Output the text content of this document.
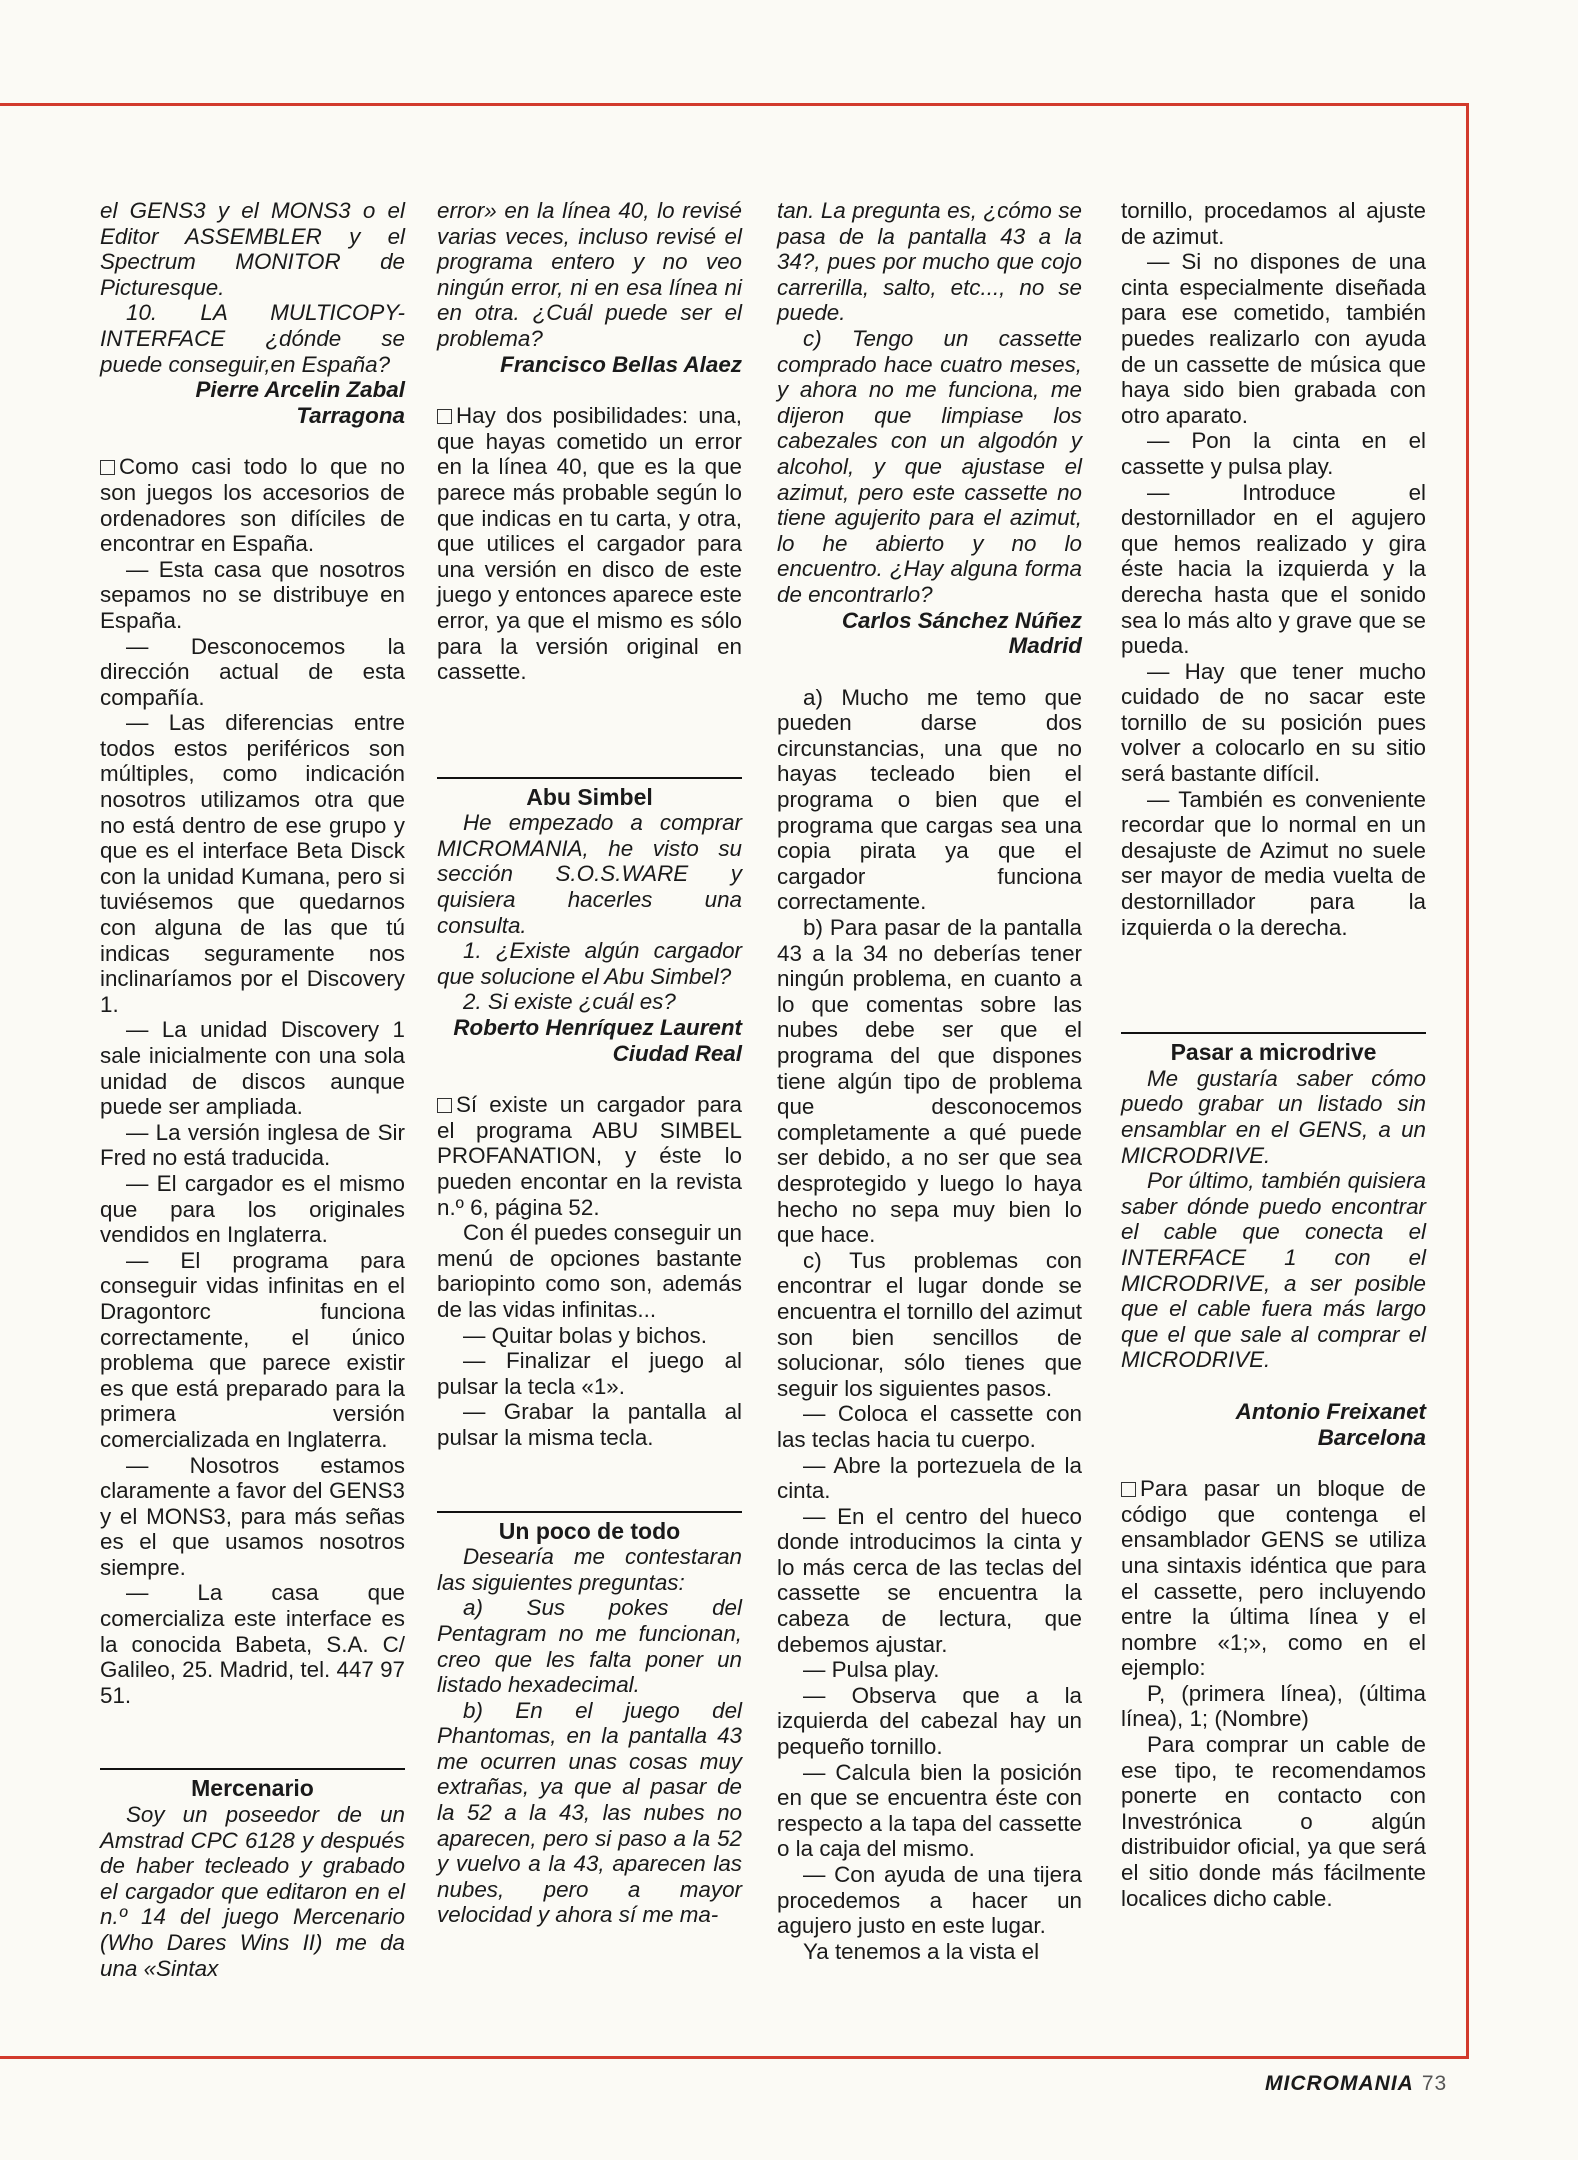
el GENS3 y el MONS3 o el Editor ASSEMBLER y el Spectrum MONITOR de Picturesque.

10. LA MULTICOPY-INTERFACE ¿dónde se puede conseguir,en España?

Pierre Arcelin Zabal

Tarragona

Como casi todo lo que no son juegos los accesorios de ordenadores son difíciles de encontrar en España.

— Esta casa que nosotros sepamos no se distribuye en España.

— Desconocemos la dirección actual de esta compañía.

— Las diferencias entre todos estos periféricos son múltiples, como indicación nosotros utilizamos otra que no está dentro de ese grupo y que es el interface Beta Disck con la unidad Kumana, pero si tuviésemos que quedarnos con alguna de las que tú indicas seguramente nos inclinaríamos por el Discovery 1.

— La unidad Discovery 1 sale inicialmente con una sola unidad de discos aunque puede ser ampliada.

— La versión inglesa de Sir Fred no está traducida.

— El cargador es el mismo que para los originales vendidos en Inglaterra.

— El programa para conseguir vidas infinitas en el Dragontorc funciona correctamente, el único problema que parece existir es que está preparado para la primera versión comercializada en Inglaterra.

— Nosotros estamos claramente a favor del GENS3 y el MONS3, para más señas es el que usamos nosotros siempre.

— La casa que comercializa este interface es la conocida Babeta, S.A. C/ Galileo, 25. Madrid, tel. 447 97 51.

Mercenario

Soy un poseedor de un Amstrad CPC 6128 y después de haber tecleado y grabado el cargador que editaron en el n.º 14 del juego Mercenario (Who Dares Wins II) me da una «Sintax

error» en la línea 40, lo revisé varias veces, incluso revisé el programa entero y no veo ningún error, ni en esa línea ni en otra. ¿Cuál puede ser el problema?

Francisco Bellas Alaez

Hay dos posibilidades: una, que hayas cometido un error en la línea 40, que es la que parece más probable según lo que indicas en tu carta, y otra, que utilices el cargador para una versión en disco de este juego y entonces aparece este error, ya que el mismo es sólo para la versión original en cassette.

Abu Simbel

He empezado a comprar MICROMANIA, he visto su sección S.O.S.WARE y quisiera hacerles una consulta.

1. ¿Existe algún cargador que solucione el Abu Simbel?

2. Si existe ¿cuál es?

Roberto Henríquez Laurent

Ciudad Real

Sí existe un cargador para el programa ABU SIMBEL PROFANATION, y éste lo pueden encontar en la revista n.º 6, página 52.

Con él puedes conseguir un menú de opciones bastante bariopinto como son, además de las vidas infinitas...

— Quitar bolas y bichos.

— Finalizar el juego al pulsar la tecla «1».

— Grabar la pantalla al pulsar la misma tecla.

Un poco de todo

Desearía me contestaran las siguientes preguntas:

a) Sus pokes del Pentagram no me funcionan, creo que les falta poner un listado hexadecimal.

b) En el juego del Phantomas, en la pantalla 43 me ocurren unas cosas muy extrañas, ya que al pasar de la 52 a la 43, las nubes no aparecen, pero si paso a la 52 y vuelvo a la 43, aparecen las nubes, pero a mayor velocidad y ahora sí me ma-

tan. La pregunta es, ¿cómo se pasa de la pantalla 43 a la 34?, pues por mucho que cojo carrerilla, salto, etc..., no se puede.

c) Tengo un cassette comprado hace cuatro meses, y ahora no me funciona, me dijeron que limpiase los cabezales con un algodón y alcohol, y que ajustase el azimut, pero este cassette no tiene agujerito para el azimut, lo he abierto y no lo encuentro. ¿Hay alguna forma de encontrarlo?

Carlos Sánchez Núñez

Madrid

a) Mucho me temo que pueden darse dos circunstancias, una que no hayas tecleado bien el programa o bien que el programa que cargas sea una copia pirata ya que el cargador funciona correctamente.

b) Para pasar de la pantalla 43 a la 34 no deberías tener ningún problema, en cuanto a lo que comentas sobre las nubes debe ser que el programa del que dispones tiene algún tipo de problema que desconocemos completamente a qué puede ser debido, a no ser que sea desprotegido y luego lo haya hecho no sepa muy bien lo que hace.

c) Tus problemas con encontrar el lugar donde se encuentra el tornillo del azimut son bien sencillos de solucionar, sólo tienes que seguir los siguientes pasos.

— Coloca el cassette con las teclas hacia tu cuerpo.

— Abre la portezuela de la cinta.

— En el centro del hueco donde introducimos la cinta y lo más cerca de las teclas del cassette se encuentra la cabeza de lectura, que debemos ajustar.

— Pulsa play.

— Observa que a la izquierda del cabezal hay un pequeño tornillo.

— Calcula bien la posición en que se encuentra éste con respecto a la tapa del cassette o la caja del mismo.

— Con ayuda de una tijera procedemos a hacer un agujero justo en este lugar.

Ya tenemos a la vista el

tornillo, procedamos al ajuste de azimut.

— Si no dispones de una cinta especialmente diseñada para ese cometido, también puedes realizarlo con ayuda de un cassette de música que haya sido bien grabada con otro aparato.

— Pon la cinta en el cassette y pulsa play.

— Introduce el destornillador en el agujero que hemos realizado y gira éste hacia la izquierda y la derecha hasta que el sonido sea lo más alto y grave que se pueda.

— Hay que tener mucho cuidado de no sacar este tornillo de su posición pues volver a colocarlo en su sitio será bastante difícil.

— También es conveniente recordar que lo normal en un desajuste de Azimut no suele ser mayor de media vuelta de destornillador para la izquierda o la derecha.

Pasar a microdrive

Me gustaría saber cómo puedo grabar un listado sin ensamblar en el GENS, a un MICRODRIVE.

Por último, también quisiera saber dónde puedo encontrar el cable que conecta el INTERFACE 1 con el MICRODRIVE, a ser posible que el cable fuera más largo que el que sale al comprar el MICRODRIVE.

Antonio Freixanet

Barcelona

Para pasar un bloque de código que contenga el ensamblador GENS se utiliza una sintaxis idéntica que para el cassette, pero incluyendo entre la última línea y el nombre «1;», como en el ejemplo:

P, (primera línea), (última línea), 1; (Nombre)

Para comprar un cable de ese tipo, te recomendamos ponerte en contacto con Investrónica o algún distribuidor oficial, ya que será el sitio donde más fácilmente localices dicho cable.

MICROMANIA 73
